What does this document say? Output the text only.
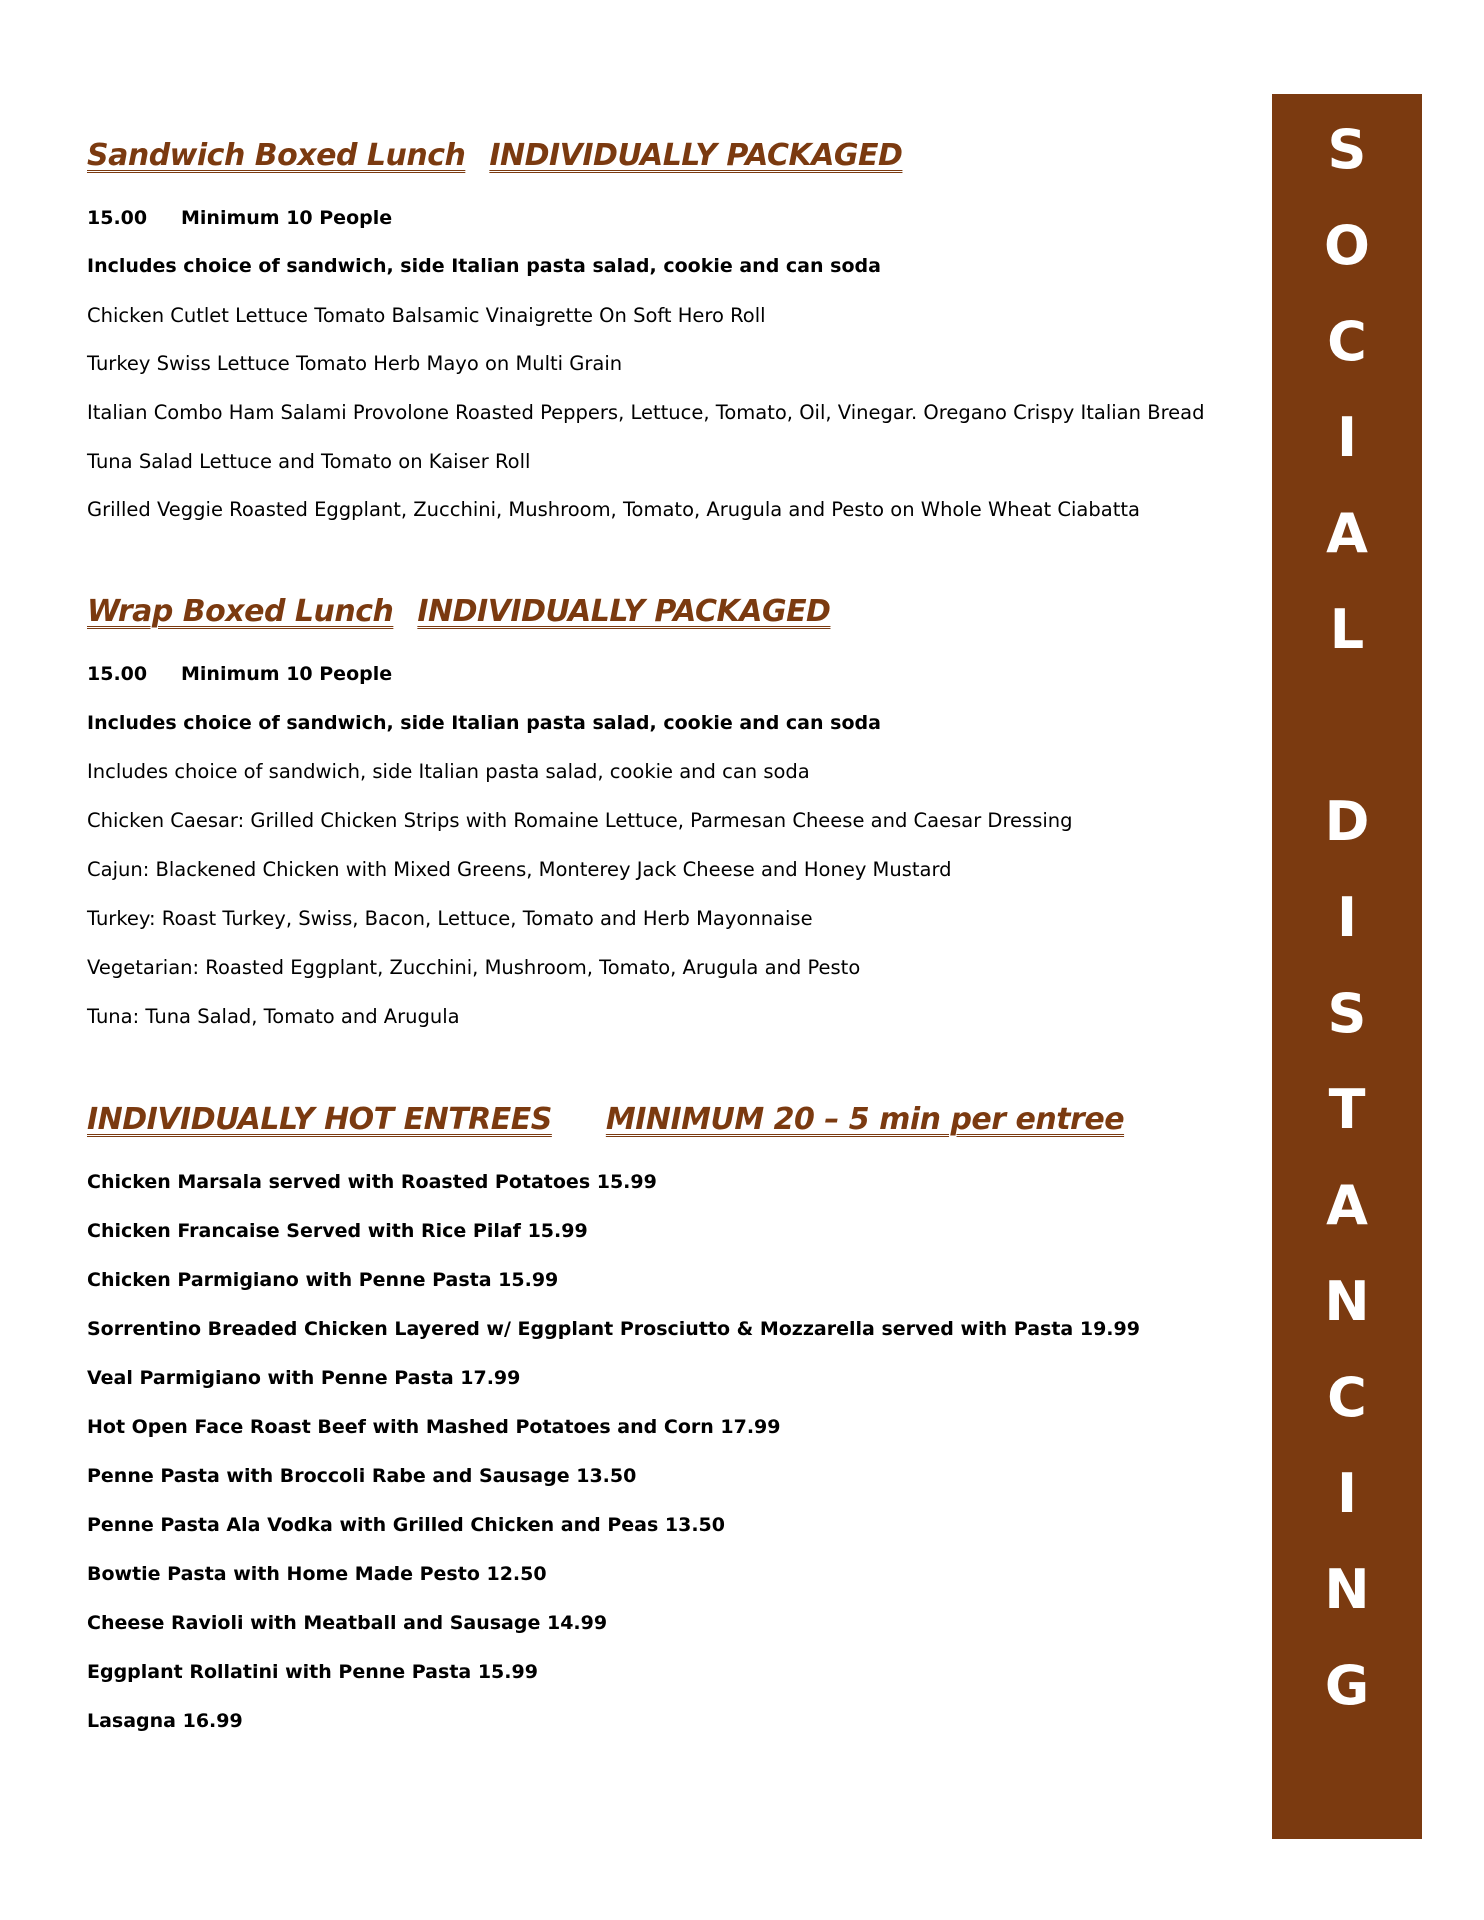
Sandwich Boxed Lunch INDIVIDUALLY PACKAGED
15.00 Minimum 10 People
Includes choice of sandwich, side Italian pasta salad, cookie and can soda
Chicken Cutlet Lettuce Tomato Balsamic Vinaigrette On Soft Hero Roll
Turkey Swiss Lettuce Tomato Herb Mayo on Multi Grain
Italian Combo Ham Salami Provolone Roasted Peppers, Lettuce, Tomato, Oil, Vinegar. Oregano Crispy Italian Bread
Tuna Salad Lettuce and Tomato on Kaiser Roll
Grilled Veggie Roasted Eggplant, Zucchini, Mushroom, Tomato, Arugula and Pesto on Whole Wheat Ciabatta
Wrap Boxed Lunch INDIVIDUALLY PACKAGED
15.00 Minimum 10 People
Includes choice of sandwich, side Italian pasta salad, cookie and can soda
Includes choice of sandwich, side Italian pasta salad, cookie and can soda
Chicken Caesar: Grilled Chicken Strips with Romaine Lettuce, Parmesan Cheese and Caesar Dressing
Cajun: Blackened Chicken with Mixed Greens, Monterey Jack Cheese and Honey Mustard
Turkey: Roast Turkey, Swiss, Bacon, Lettuce, Tomato and Herb Mayonnaise
Vegetarian: Roasted Eggplant, Zucchini, Mushroom, Tomato, Arugula and Pesto
Tuna: Tuna Salad, Tomato and Arugula
INDIVIDUALLY HOT ENTREES MINIMUM 20 – 5 min per entree
Chicken Marsala served with Roasted Potatoes 15.99
Chicken Francaise Served with Rice Pilaf 15.99
Chicken Parmigiano with Penne Pasta 15.99
Sorrentino Breaded Chicken Layered w/ Eggplant Prosciutto & Mozzarella served with Pasta 19.99
Veal Parmigiano with Penne Pasta 17.99
Hot Open Face Roast Beef with Mashed Potatoes and Corn 17.99
Penne Pasta with Broccoli Rabe and Sausage 13.50
Penne Pasta Ala Vodka with Grilled Chicken and Peas 13.50
Bowtie Pasta with Home Made Pesto 12.50
Cheese Ravioli with Meatball and Sausage 14.99
Eggplant Rollatini with Penne Pasta 15.99
Lasagna 16.99
S
O
C
I
A
L
D
I
S
T
A
N
C
I
N
G
